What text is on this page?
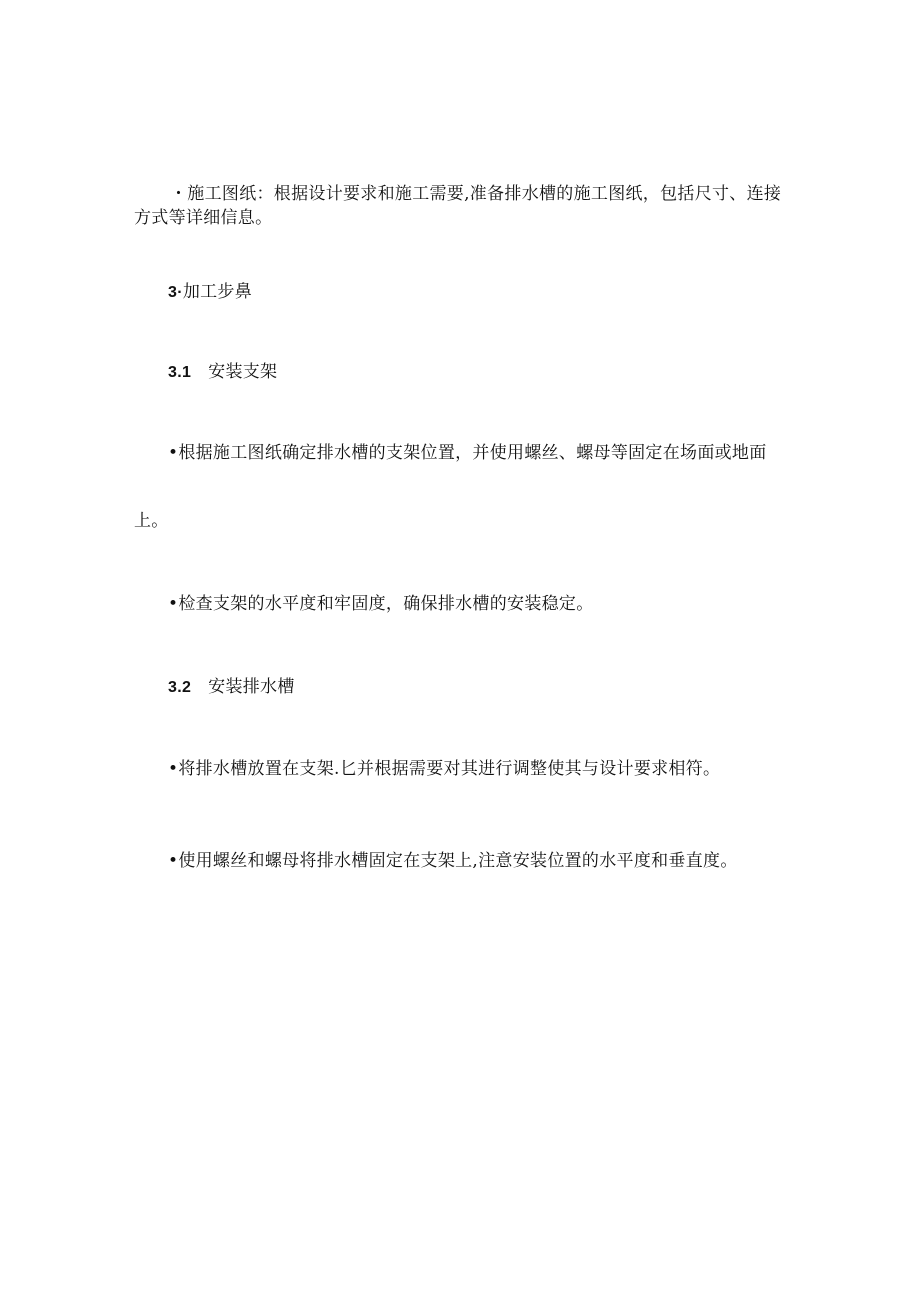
・施工图纸：根据设计要求和施工需要,准备排水槽的施工图纸，包括尺寸、连接
方式等详细信息。
3·加工步鼻
3.1 安装支架
•根据施工图纸确定排水槽的支架位置，并使用螺丝、螺母等固定在场面或地面
上。
•检查支架的水平度和牢固度，确保排水槽的安装稳定。
3.2 安装排水槽
•将排水槽放置在支架.匕并根据需要对其进行调整使其与设计要求相符。
•使用螺丝和螺母将排水槽固定在支架上,注意安装位置的水平度和垂直度。
